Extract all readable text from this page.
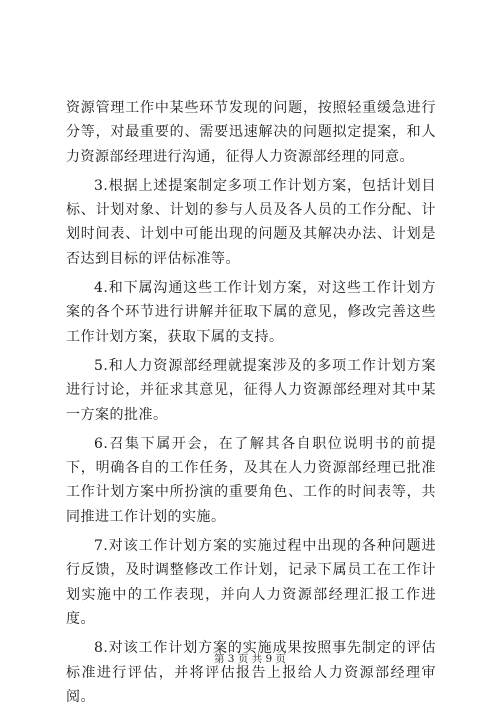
资源管理工作中某些环节发现的问题，按照轻重缓急进行分等，对最重要的、需要迅速解决的问题拟定提案，和人力资源部经理进行沟通，征得人力资源部经理的同意。

3.根据上述提案制定多项工作计划方案，包括计划目标、计划对象、计划的参与人员及各人员的工作分配、计划时间表、计划中可能出现的问题及其解决办法、计划是否达到目标的评估标准等。

4.和下属沟通这些工作计划方案，对这些工作计划方案的各个环节进行讲解并征取下属的意见，修改完善这些工作计划方案，获取下属的支持。

5.和人力资源部经理就提案涉及的多项工作计划方案进行讨论，并征求其意见，征得人力资源部经理对其中某一方案的批准。

6.召集下属开会，在了解其各自职位说明书的前提下，明确各自的工作任务，及其在人力资源部经理已批准工作计划方案中所扮演的重要角色、工作的时间表等，共同推进工作计划的实施。

7.对该工作计划方案的实施过程中出现的各种问题进行反馈，及时调整修改工作计划，记录下属员工在工作计划实施中的工作表现，并向人力资源部经理汇报工作进度。

8.对该工作计划方案的实施成果按照事先制定的评估标准进行评估，并将评估报告上报给人力资源部经理审阅。

第 3 页 共 9 页
